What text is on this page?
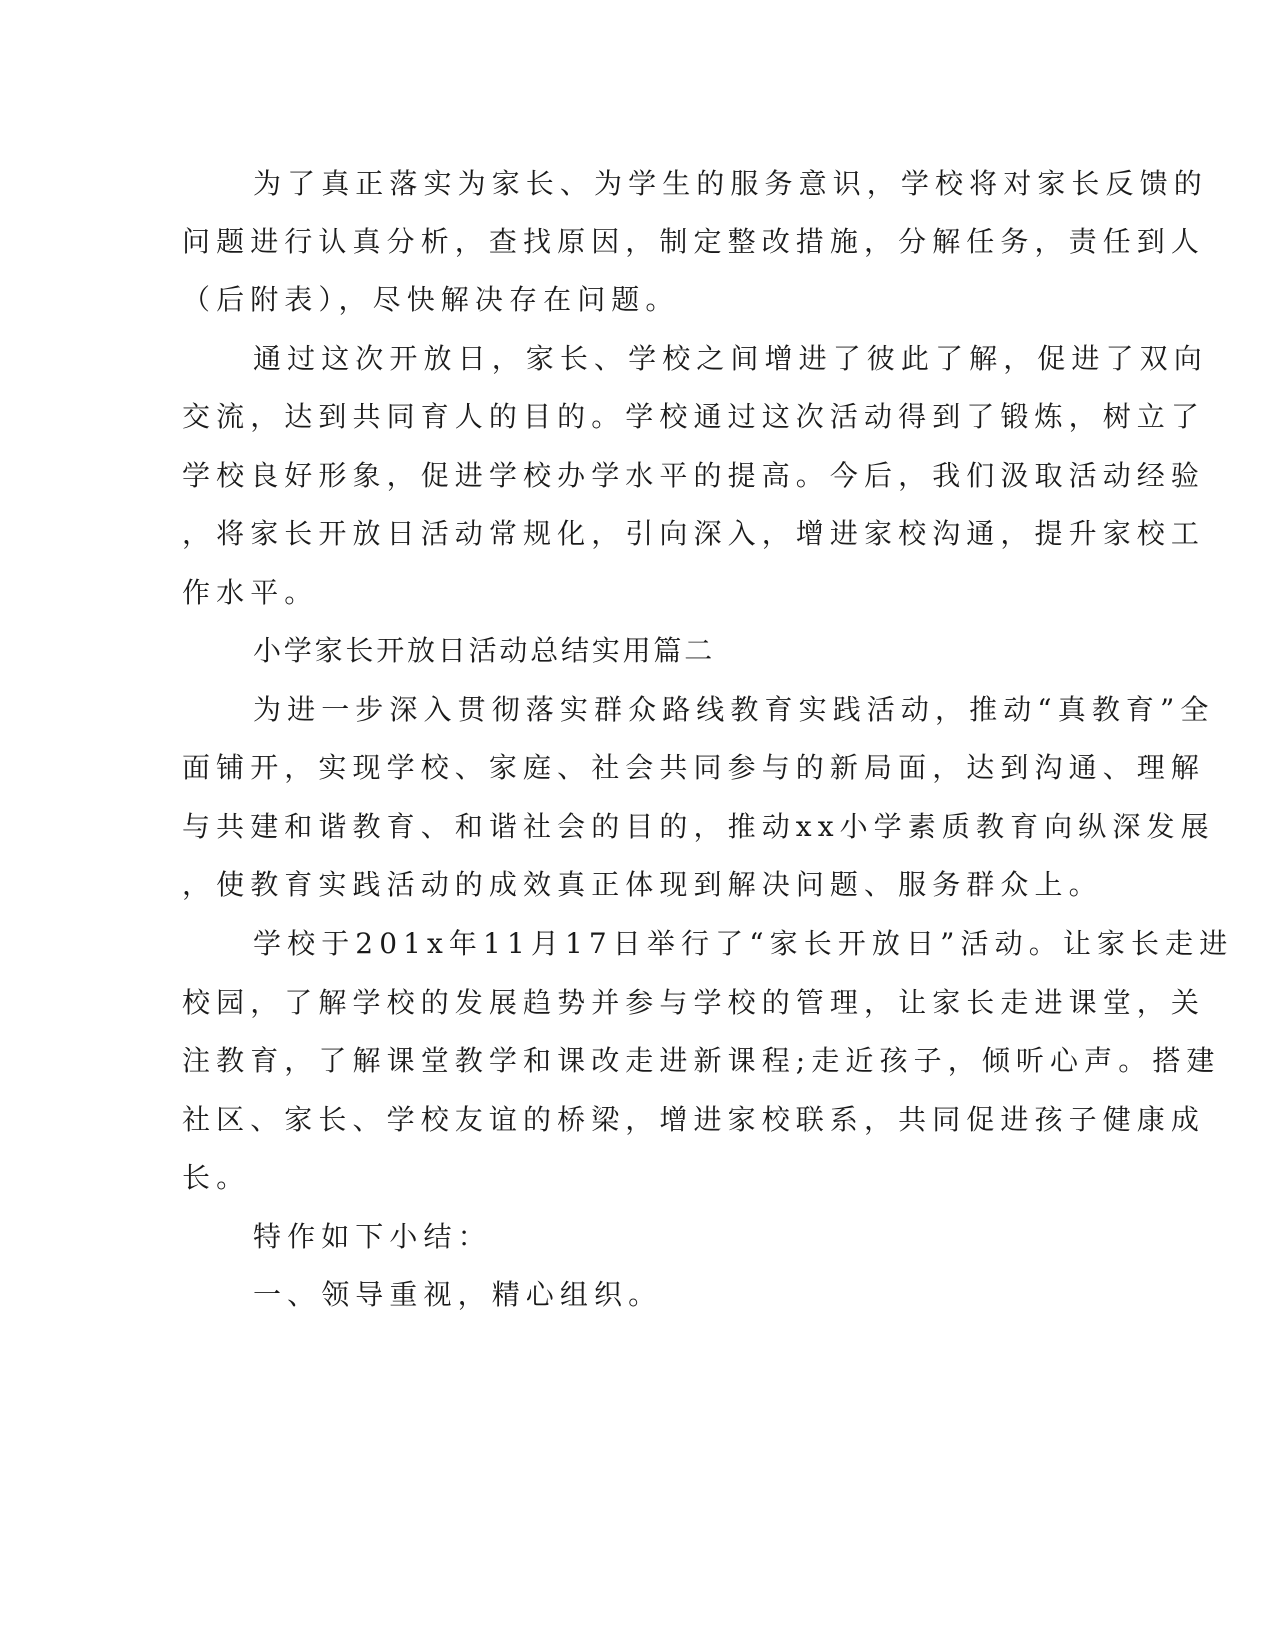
为了真正落实为家长、为学生的服务意识，学校将对家长反馈的
问题进行认真分析，查找原因，制定整改措施，分解任务，责任到人
（后附表），尽快解决存在问题。
通过这次开放日，家长、学校之间增进了彼此了解，促进了双向
交流，达到共同育人的目的。学校通过这次活动得到了锻炼，树立了
学校良好形象，促进学校办学水平的提高。今后，我们汲取活动经验
，将家长开放日活动常规化，引向深入，增进家校沟通，提升家校工
作水平。
小学家长开放日活动总结实用篇二
为进一步深入贯彻落实群众路线教育实践活动，推动“真教育”全
面铺开，实现学校、家庭、社会共同参与的新局面，达到沟通、理解
与共建和谐教育、和谐社会的目的，推动xx小学素质教育向纵深发展
，使教育实践活动的成效真正体现到解决问题、服务群众上。
学校于201x年11月17日举行了“家长开放日”活动。让家长走进
校园，了解学校的发展趋势并参与学校的管理，让家长走进课堂，关
注教育，了解课堂教学和课改走进新课程;走近孩子，倾听心声。搭建
社区、家长、学校友谊的桥梁，增进家校联系，共同促进孩子健康成
长。
特作如下小结：
一、领导重视，精心组织。
